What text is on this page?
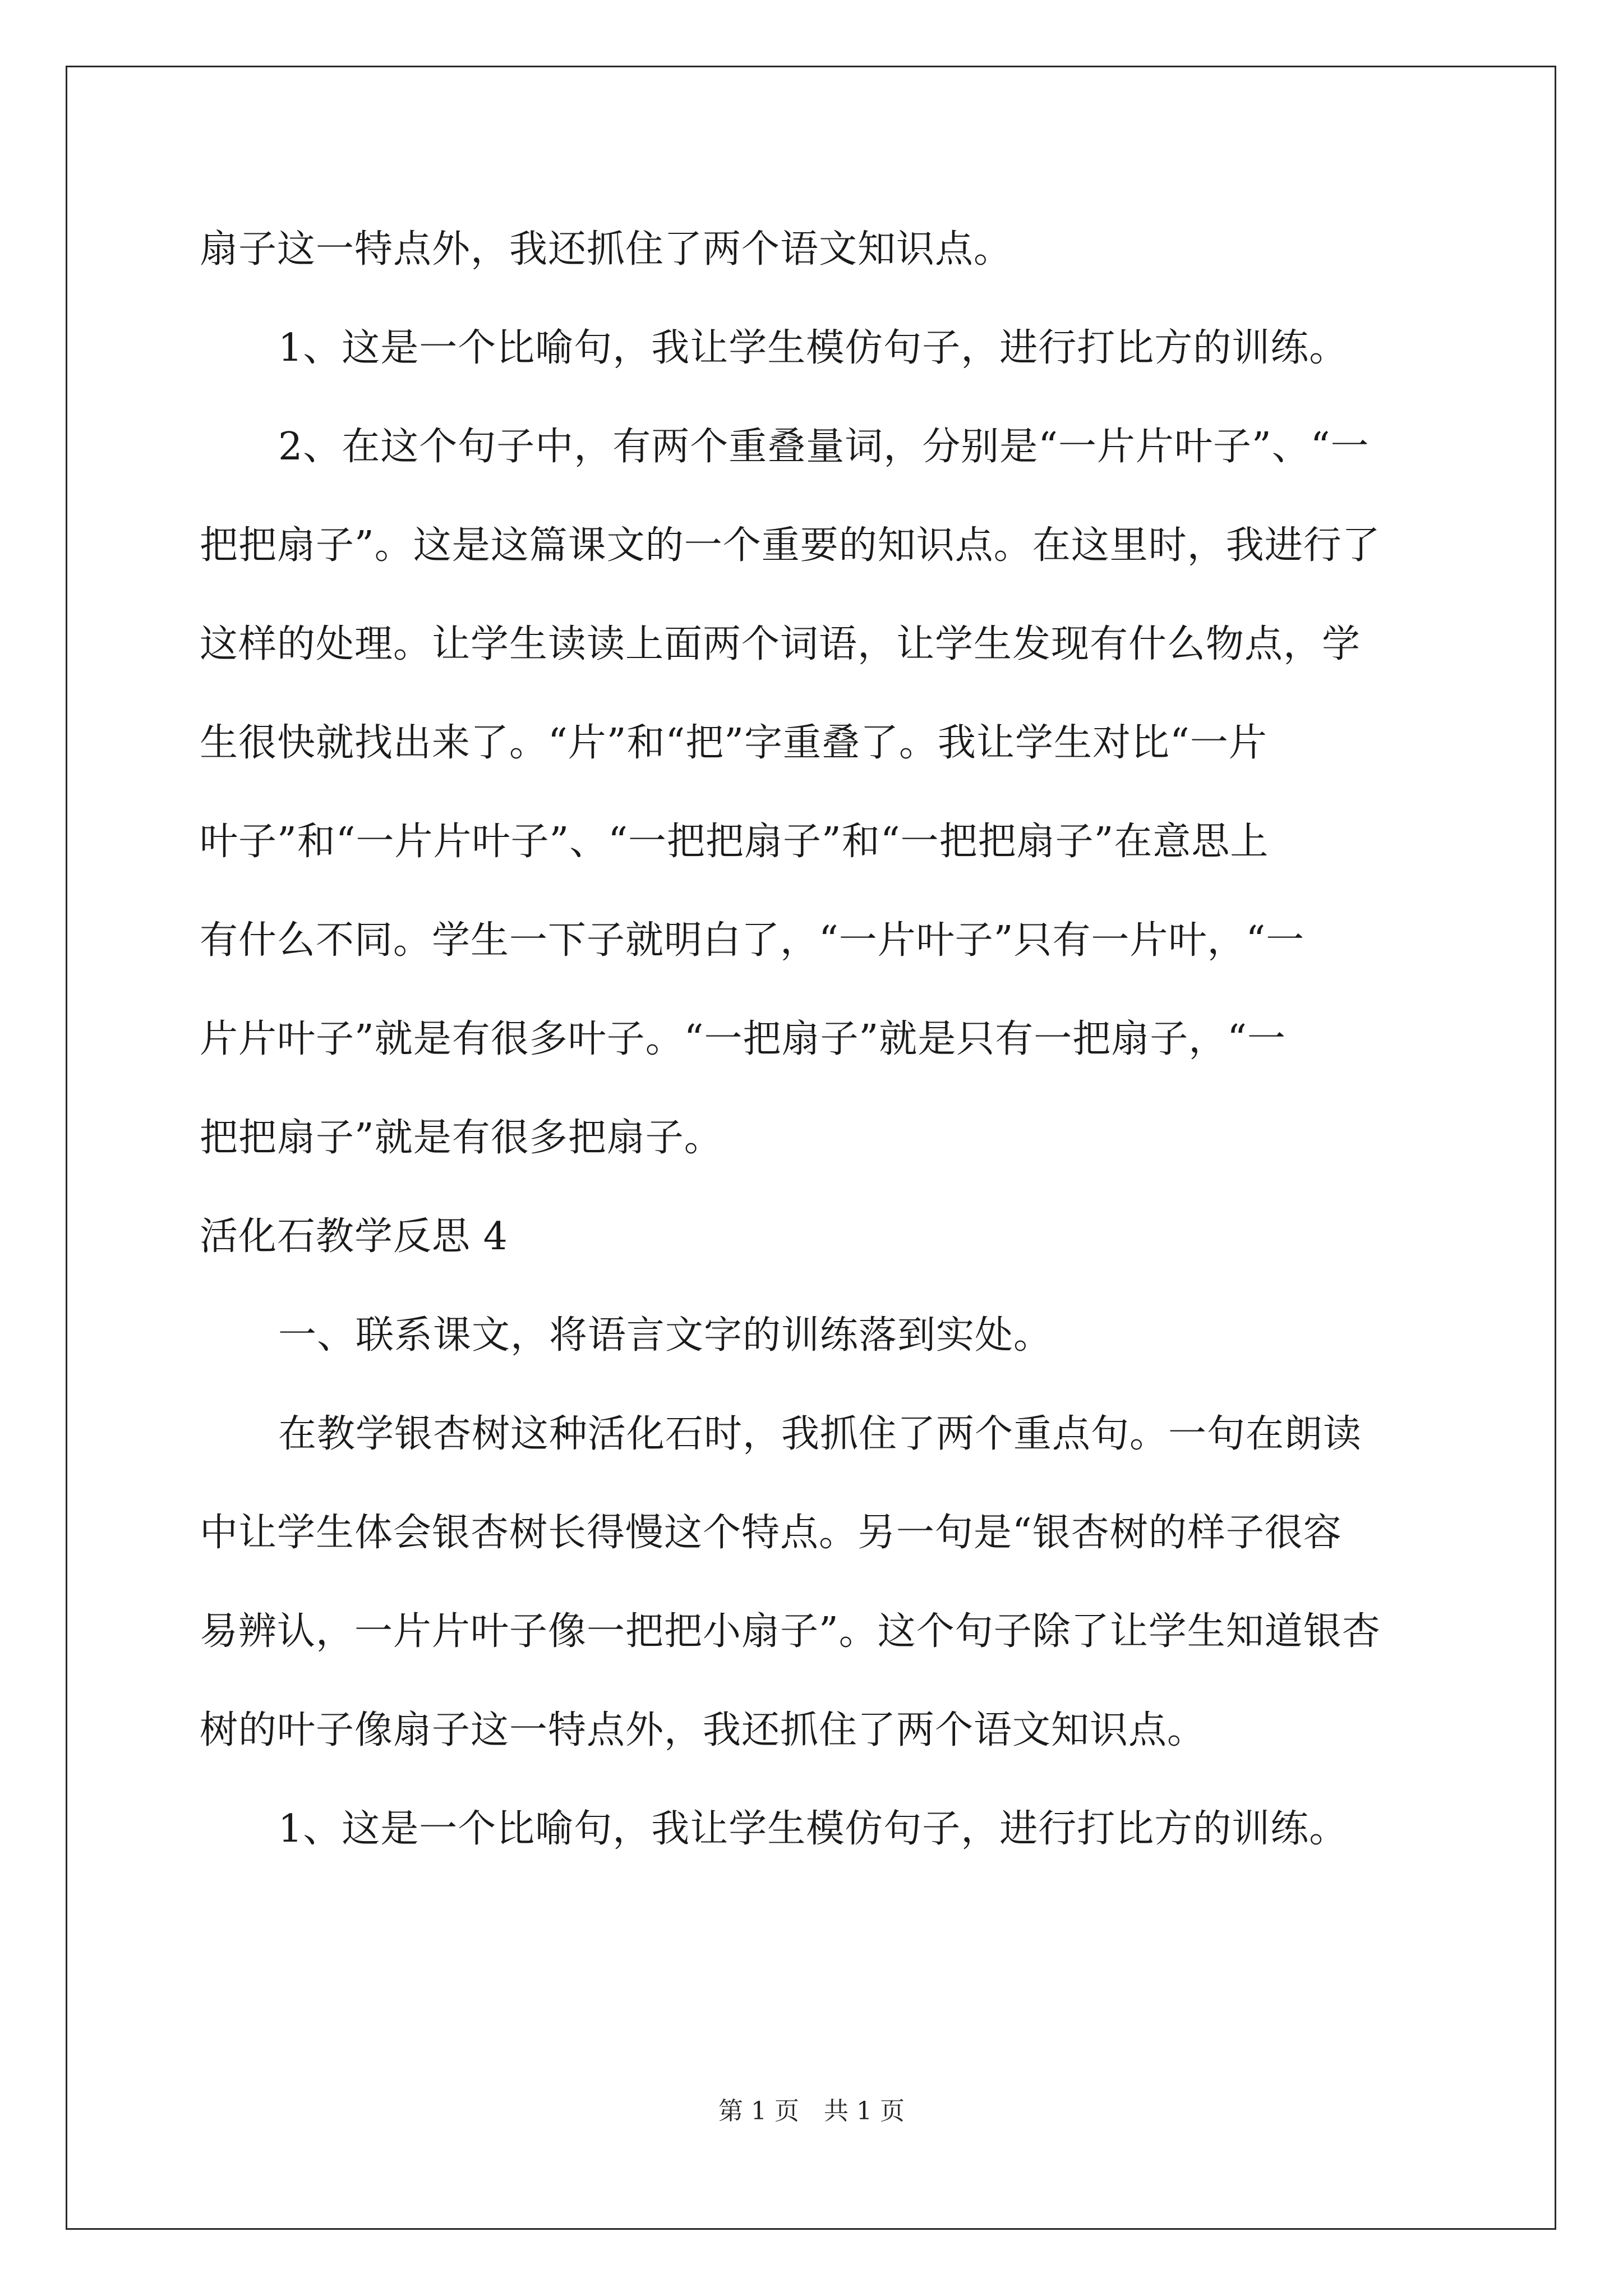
扇子这一特点外，我还抓住了两个语文知识点。
1、这是一个比喻句，我让学生模仿句子，进行打比方的训练。
2、在这个句子中，有两个重叠量词，分别是“一片片叶子”、“一
把把扇子”。这是这篇课文的一个重要的知识点。在这里时，我进行了
这样的处理。让学生读读上面两个词语，让学生发现有什么物点，学
生很快就找出来了。“片”和“把”字重叠了。我让学生对比“一片
叶子”和“一片片叶子”、“一把把扇子”和“一把把扇子”在意思上
有什么不同。学生一下子就明白了，“一片叶子”只有一片叶，“一
片片叶子”就是有很多叶子。“一把扇子”就是只有一把扇子，“一
把把扇子”就是有很多把扇子。
活化石教学反思 4
一、联系课文，将语言文字的训练落到实处。
在教学银杏树这种活化石时，我抓住了两个重点句。一句在朗读
中让学生体会银杏树长得慢这个特点。另一句是“银杏树的样子很容
易辨认，一片片叶子像一把把小扇子”。这个句子除了让学生知道银杏
树的叶子像扇子这一特点外，我还抓住了两个语文知识点。
1、这是一个比喻句，我让学生模仿句子，进行打比方的训练。
第 1 页　共 1 页
